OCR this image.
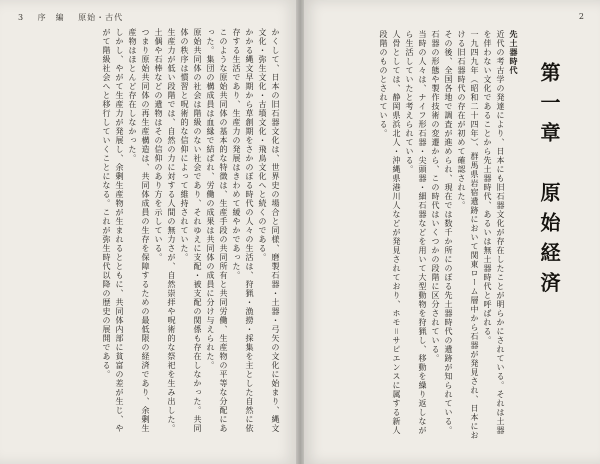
3 序　編 原始・古代

かくして、日本の旧石器文化は、世界史の場合と同様、磨製石器・土器・弓矢の文化に始まり、縄文文化・弥生文化・古墳文化・飛鳥文化へと続くのである。

かかる縄文早期から草創期をさかのぼる時代の人々の生活は、狩猟・漁撈・採集を主とした自然に依存する生活であり、生産力の発展はきわめて緩やかであった。

このような原始共同体の基本的な特徴は、生産手段の共同所有と共同労働、生産物の平等な分配にあった。集団の構成員は血縁で結ばれ、労働の成果は共同体の成員に分け与えられた。

原始共同体の社会は階級のない社会であり、それゆえに支配・被支配の関係も存在しなかった。共同体の秩序は慣習と呪術的な信仰によって維持されていた。

生産力が低い段階では、自然の力に対する人間の無力さが、自然崇拝や呪術的な祭祀を生み出した。土偶や石棒などの遺物はその信仰のあり方を示している。

つまり原始共同体の再生産構造は、共同体成員の生存を保障するための最低限の経済であり、余剰生産物はほとんど存在しなかった。

しかし、やがて生産力が発展し、余剰生産物が生まれるとともに、共同体内部に貧富の差が生じ、やがて階級社会へと移行していくことになる。これが弥生時代以降の歴史の展開である。

2
第一章　原始経済

先土器時代

近代の考古学の発達により、日本にも旧石器文化が存在したことが明らかにされている。それは土器を伴わない文化であることから先土器時代、あるいは無土器時代と呼ばれる。

一九四九年（昭和二十四年）、群馬県岩宿遺跡において関東ローム層中から石器が発見され、日本における旧石器時代の存在が初めて確認された。

その後、全国各地で調査が進められ、現在では数千か所にのぼる先土器時代の遺跡が知られている。石器の形態や製作技術の変遷から、この時代はいくつかの段階に区分されている。

当時の人々は、ナイフ形石器・尖頭器・細石器などを用いて大型動物を狩猟し、移動を繰り返しながら生活していたと考えられている。

人骨としては、静岡県浜北人・沖縄県港川人などが発見されており、ホモ＝サピエンスに属する新人段階のものとされている。
